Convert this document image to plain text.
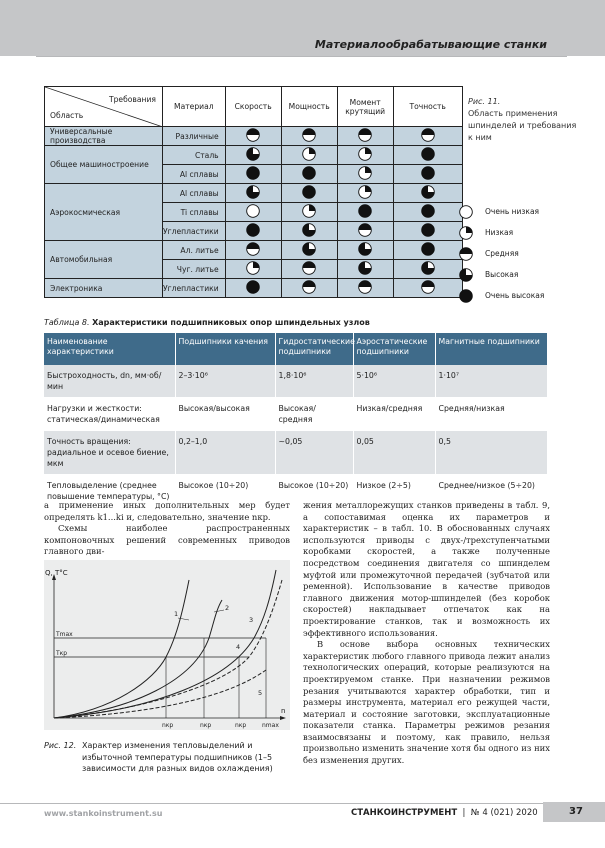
Материалообрабатывающие станки
Требования
Область	Материал	Скорость	Мощность	Момент крутящий	Точность
Универсальные производства	Различные				
Общее машиностроение	Сталь				
	Al сплавы				
Аэрокосмическая	Al сплавы				
	Ti сплавы				
	Углепластики				
Автомобильная	Ал. литье				
	Чуг. литье				
Электроника	Углепластики				
Рис. 11.
Область применения шпинделей и требования к ним
Очень низкая
Низкая
Средняя
Высокая
Очень высокая
Таблица 8. Характеристики подшипниковых опор шпиндельных узлов
Наименование характеристики	Подшипники качения	Гидростатические подшипники	Аэростатические подшипники	Магнитные подшипники
Быстроходность, dn, мм·об/мин	2–3·10⁶	1,8·10⁶	5·10⁶	1·10⁷
Нагрузки и жесткости: статическая/динамическая	Высокая/высокая	Высокая/средняя	Низкая/средняя	Средняя/низкая
Точность вращения: радиальное и осевое биение, мкм	0,2–1,0	~0,05	0,05	0,5
Тепловыделение (среднее повышение температуры, °С)	Высокое (10÷20)	Высокое (10÷20)	Низкое (2÷5)	Среднее/низкое (5÷20)

а применение иных дополнительных мер будет определять k1...ki и, следовательно, значение nкр.

Схемы наиболее распространенных компоновочных решений современных приводов главного дви-

Q, T°C
n
Tmax
Tкр
1
2
3
4
5
nкр	nкр	nкр	nmax
Рис. 12. Характер изменения тепловыделений и избыточной температуры подшипников (1–5 зависимости для разных видов охлаждения)

жения металлорежущих станков приведены в табл. 9, а сопоставимая оценка их параметров и характеристик – в табл. 10. В обоснованных случаях используются приводы с двух-/трехступенчатыми коробками скоростей, а также полученные посредством соединения двигателя со шпинделем муфтой или промежуточной передачей (зубчатой или ременной). Использование в качестве приводов главного движения мотор-шпинделей (без коробок скоростей) накладывает отпечаток как на проектирование станков, так и возможность их эффективного использования.

В основе выбора основных технических характеристик любого главного привода лежит анализ технологических операций, которые реализуются на проектируемом станке. При назначении режимов резания учитываются характер обработки, тип и размеры инструмента, материал его режущей части, материал и состояние заготовки, эксплуатационные показатели станка. Параметры режимов резания взаимосвязаны и поэтому, как правило, нельзя произвольно изменить значение хотя бы одного из них без изменения других.

www.stankoinstrument.su	СТАНКОИНСТРУМЕНТ  |  № 4 (021) 2020	37
